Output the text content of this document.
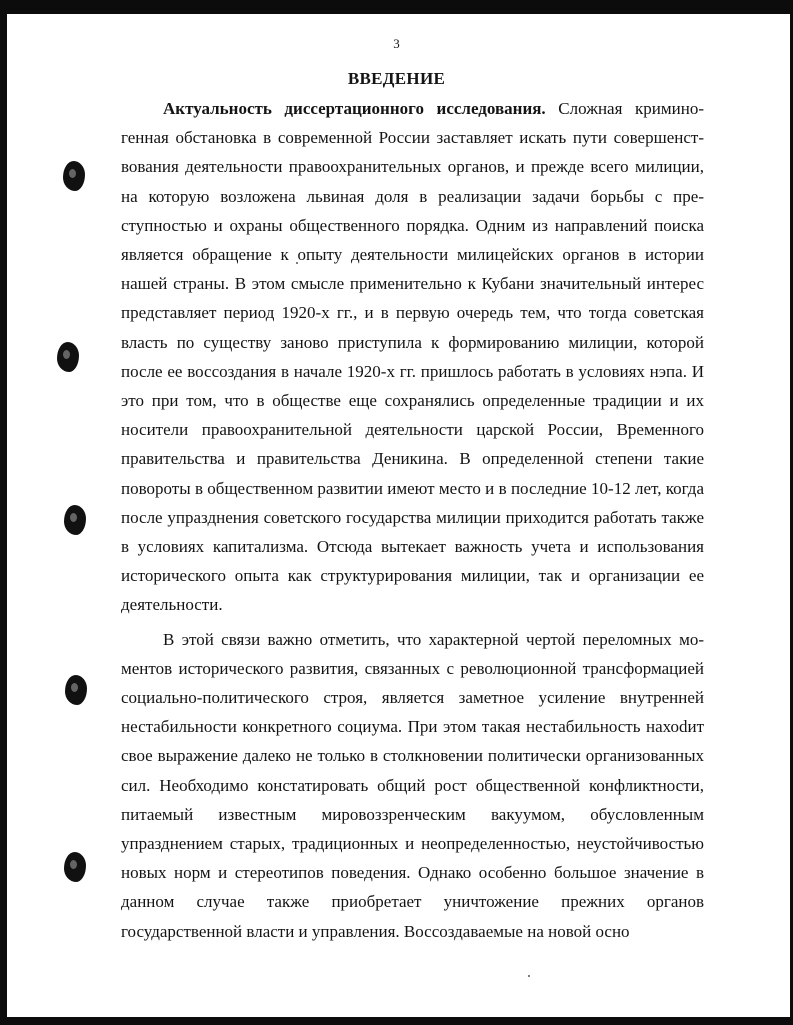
3
ВВЕДЕНИЕ

Актуальность диссертационного исследования. Сложная криминогенная обстановка в современной России заставляет искать пути совершенствования деятельности правоохранительных органов, и прежде всего милиции, на которую возложена львиная доля в реализации задачи борьбы с преступностью и охраны общественного порядка. Одним из направлений поиска является обращение к опыту деятельности милицейских органов в истории нашей страны. В этом смысле применительно к Кубани значительный интерес представляет период 1920-х гг., и в первую очередь тем, что тогда советская власть по существу заново приступила к формированию милиции, которой после ее воссоздания в начале 1920-х гг. пришлось работать в условиях нэпа. И это при том, что в обществе еще сохранялись определенные традиции и их носители правоохранительной деятельности царской России, Временного правительства и правительства Деникина. В определенной степени такие повороты в общественном развитии имеют место и в последние 10-12 лет, когда после упразднения советского государства милиции приходится работать также в условиях капитализма. Отсюда вытекает важность учета и использования исторического опыта как структурирования милиции, так и организации ее деятельности.

В этой связи важно отметить, что характерной чертой переломных моментов исторического развития, связанных с революционной трансформацией социально-политического строя, является заметное усиление внутренней нестабильности конкретного социума. При этом такая нестабильность нахоdит свое выражение далеко не только в столкновении политически организованных сил. Необходимо констатировать общий рост общественной конфликтности, питаемый известным мировоззренческим вакуумом, обусловленным упразднением старых, традиционных и неопределенностью, неустойчивостью новых норм и стереотипов поведения. Однако особенно большое значение в данном случае также приобретает уничтожение прежних органов государственной власти и управления. Воссоздаваемые на новой осно
